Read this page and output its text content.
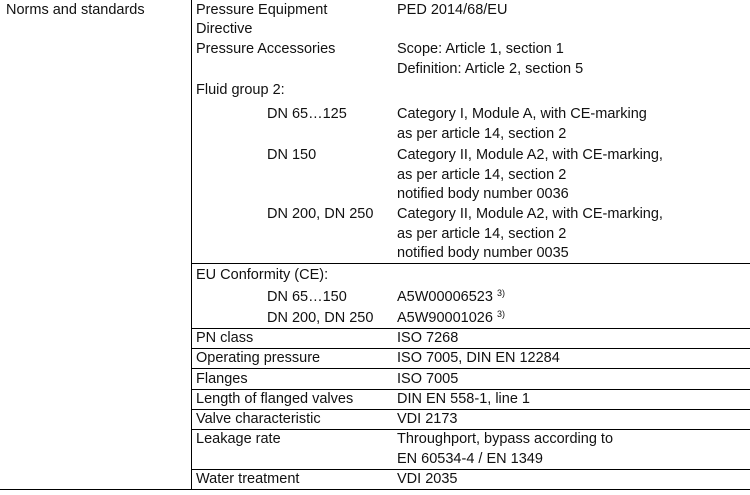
Norms and standards	Pressure Equipment
Directive
PED 2014/68/EU
Pressure Accessories	Scope: Article 1, section 1
Definition: Article 2, section 5
Fluid group 2:
DN 65…125	Category I, Module A, with CE-marking
as per article 14, section 2
DN 150	Category II, Module A2, with CE-marking,
as per article 14, section 2
notified body number 0036
DN 200, DN 250 Category II, Module A2, with CE-marking,
as per article 14, section 2
notified body number 0035
EU Conformity (CE):
DN 65…150	A5W00006523 $^{3)}$
DN 200, DN 250 A5W90001026 $^{3)}$
PN class	ISO 7268
Operating pressure	ISO 7005, DIN EN 12284
Flanges	ISO 7005
Length of flanged valves	DIN EN 558-1, line 1
Valve characteristic	VDI 2173
Leakage rate	Throughport, bypass according to
EN 60534-4 / EN 1349
Water treatment	VDI 2035
